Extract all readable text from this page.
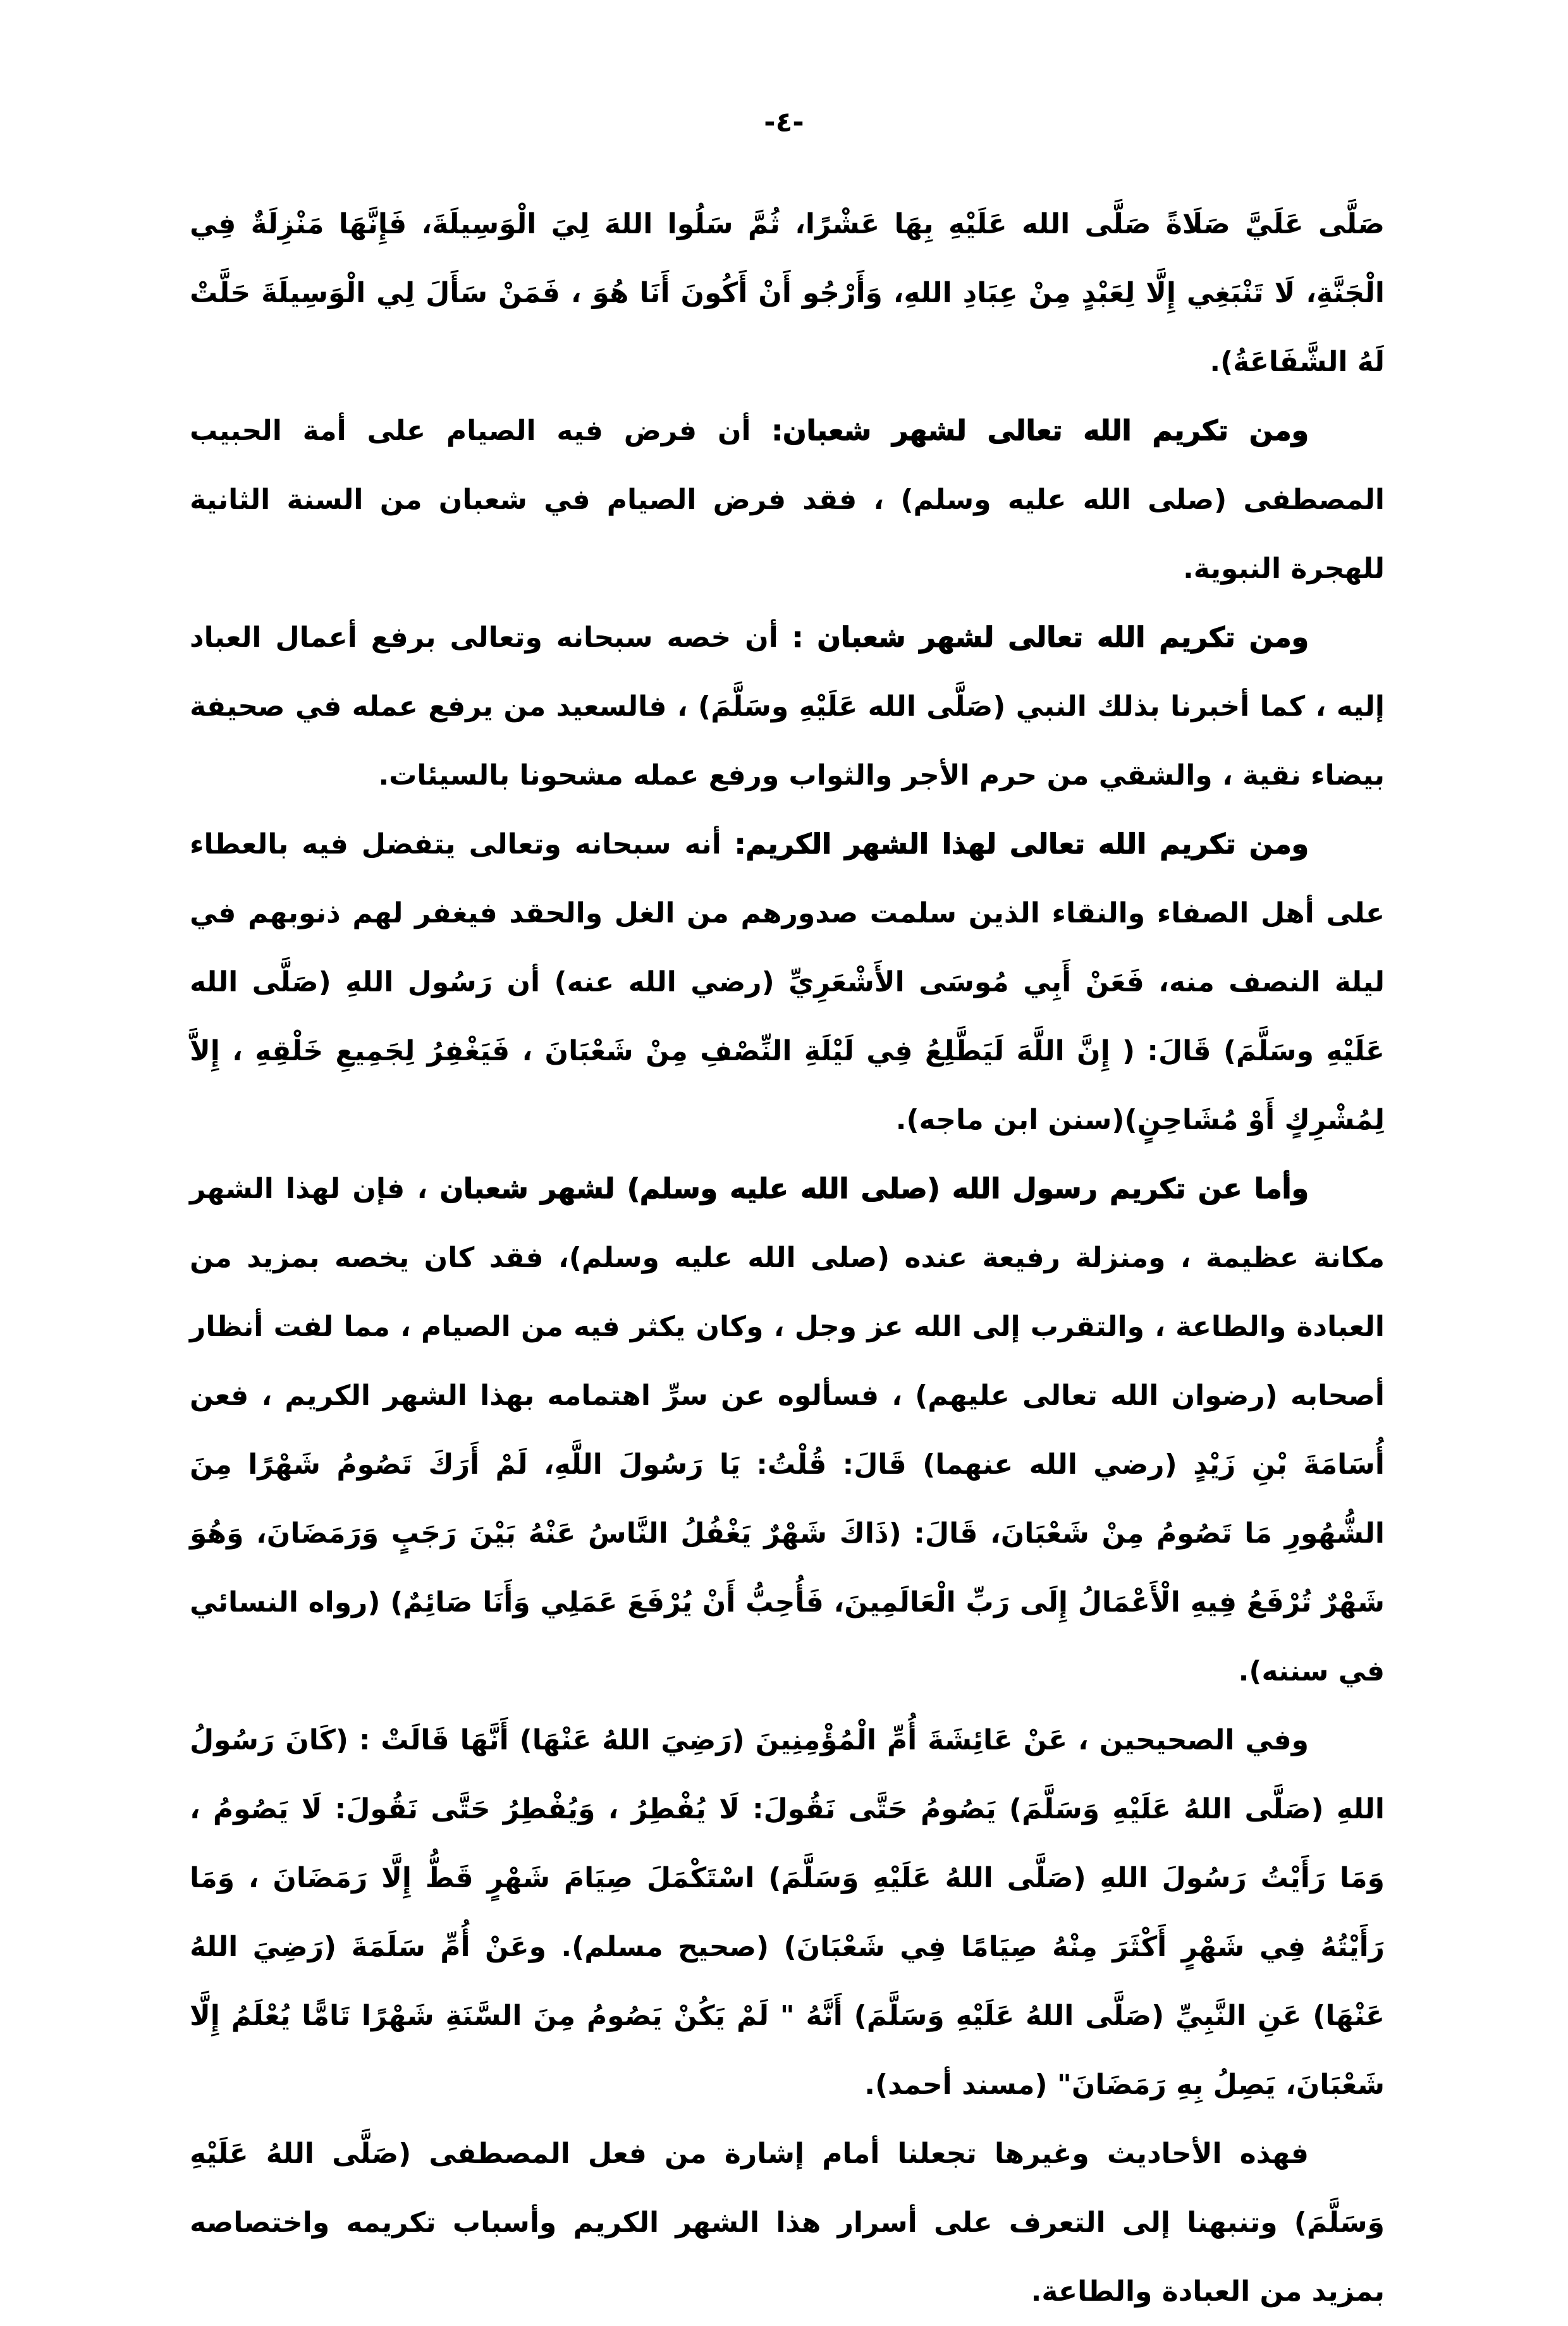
-٤-

صَلَّى عَلَيَّ صَلَاةً صَلَّى الله عَلَيْهِ بِهَا عَشْرًا، ثُمَّ سَلُوا اللهَ لِيَ الْوَسِيلَةَ، فَإِنَّهَا مَنْزِلَةٌ فِي الْجَنَّةِ، لَا تَنْبَغِي إِلَّا لِعَبْدٍ مِنْ عِبَادِ اللهِ، وَأَرْجُو أَنْ أَكُونَ أَنَا هُوَ ، فَمَنْ سَأَلَ لِي الْوَسِيلَةَ حَلَّتْ لَهُ الشَّفَاعَةُ).

ومن تكريم الله تعالى لشهر شعبان: أن فرض فيه الصيام على أمة الحبيب المصطفى (صلى الله عليه وسلم) ، فقد فرض الصيام في شعبان من السنة الثانية للهجرة النبوية.

ومن تكريم الله تعالى لشهر شعبان : أن خصه سبحانه وتعالى برفع أعمال العباد إليه ، كما أخبرنا بذلك النبي (صَلَّى الله عَلَيْهِ وسَلَّمَ) ، فالسعيد من يرفع عمله في صحيفة بيضاء نقية ، والشقي من حرم الأجر والثواب ورفع عمله مشحونا بالسيئات.

ومن تكريم الله تعالى لهذا الشهر الكريم: أنه سبحانه وتعالى يتفضل فيه بالعطاء على أهل الصفاء والنقاء الذين سلمت صدورهم من الغل والحقد فيغفر لهم ذنوبهم في ليلة النصف منه، فَعَنْ أَبِي مُوسَى الأَشْعَرِيِّ (رضي الله عنه) أن رَسُول اللهِ (صَلَّى الله عَلَيْهِ وسَلَّمَ) قَالَ: ( إِنَّ اللَّهَ لَيَطَّلِعُ فِي لَيْلَةِ النِّصْفِ مِنْ شَعْبَانَ ، فَيَغْفِرُ لِجَمِيعِ خَلْقِهِ ، إِلاَّ لِمُشْرِكٍ أَوْ مُشَاحِنٍ)(سنن ابن ماجه).

وأما عن تكريم رسول الله (صلى الله عليه وسلم) لشهر شعبان ، فإن لهذا الشهر مكانة عظيمة ، ومنزلة رفيعة عنده (صلى الله عليه وسلم)، فقد كان يخصه بمزيد من العبادة والطاعة ، والتقرب إلى الله عز وجل ، وكان يكثر فيه من الصيام ، مما لفت أنظار أصحابه (رضوان الله تعالى عليهم) ، فسألوه عن سرِّ اهتمامه بهذا الشهر الكريم ، فعن أُسَامَةَ بْنِ زَيْدٍ (رضي الله عنهما) قَالَ: قُلْتُ: يَا رَسُولَ اللَّهِ، لَمْ أَرَكَ تَصُومُ شَهْرًا مِنَ الشُّهُورِ مَا تَصُومُ مِنْ شَعْبَانَ، قَالَ: (ذَاكَ شَهْرٌ يَغْفُلُ النَّاسُ عَنْهُ بَيْنَ رَجَبٍ وَرَمَضَانَ، وَهُوَ شَهْرٌ تُرْفَعُ فِيهِ الْأَعْمَالُ إِلَى رَبِّ الْعَالَمِينَ، فَأُحِبُّ أَنْ يُرْفَعَ عَمَلِي وَأَنَا صَائِمٌ) (رواه النسائي في سننه).

وفي الصحيحين ، عَنْ عَائِشَةَ أُمِّ الْمُؤْمِنِينَ (رَضِيَ اللهُ عَنْهَا) أَنَّهَا قَالَتْ : (كَانَ رَسُولُ اللهِ (صَلَّى اللهُ عَلَيْهِ وَسَلَّمَ) يَصُومُ حَتَّى نَقُولَ: لَا يُفْطِرُ ، وَيُفْطِرُ حَتَّى نَقُولَ: لَا يَصُومُ ، وَمَا رَأَيْتُ رَسُولَ اللهِ (صَلَّى اللهُ عَلَيْهِ وَسَلَّمَ) اسْتَكْمَلَ صِيَامَ شَهْرٍ قَطُّ إِلَّا رَمَضَانَ ، وَمَا رَأَيْتُهُ فِي شَهْرٍ أَكْثَرَ مِنْهُ صِيَامًا فِي شَعْبَانَ) (صحيح مسلم). وعَنْ أُمِّ سَلَمَةَ (رَضِيَ اللهُ عَنْهَا) عَنِ النَّبِيِّ (صَلَّى اللهُ عَلَيْهِ وَسَلَّمَ) أَنَّهُ " لَمْ يَكُنْ يَصُومُ مِنَ السَّنَةِ شَهْرًا تَامًّا يُعْلَمُ إِلَّا شَعْبَانَ، يَصِلُ بِهِ رَمَضَانَ" (مسند أحمد).

فهذه الأحاديث وغيرها تجعلنا أمام إشارة من فعل المصطفى (صَلَّى اللهُ عَلَيْهِ وَسَلَّمَ) وتنبهنا إلى التعرف على أسرار هذا الشهر الكريم وأسباب تكريمه واختصاصه بمزيد من العبادة والطاعة.
